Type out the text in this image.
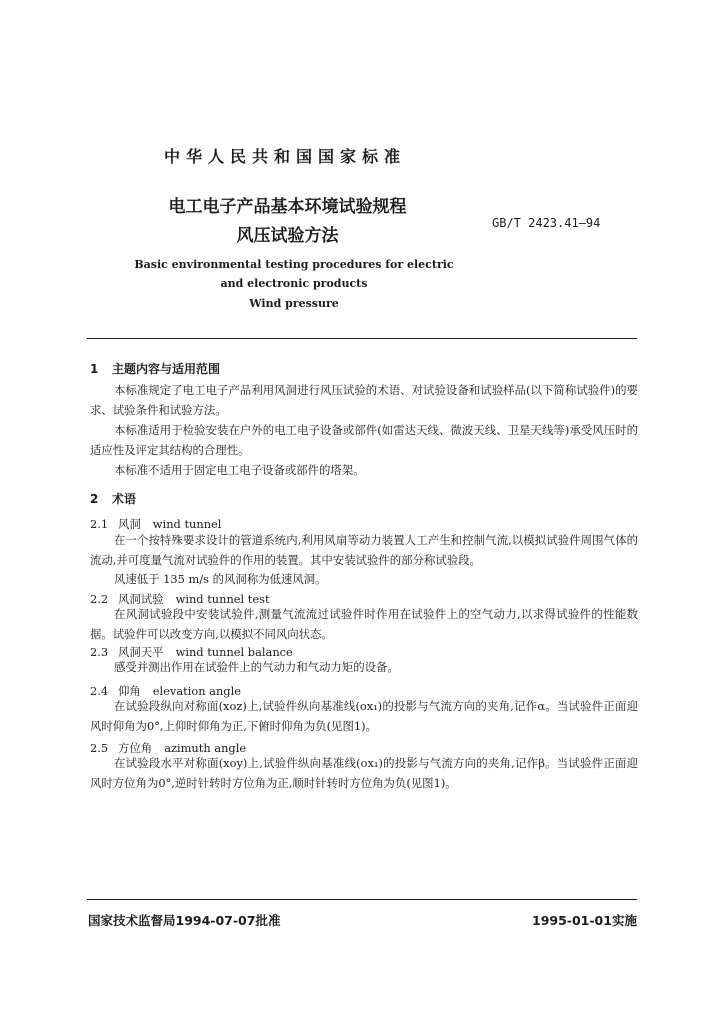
中华人民共和国国家标准
电工电子产品基本环境试验规程
风压试验方法
GB/T 2423.41—94
Basic environmental testing procedures for electric
and electronic products
Wind pressure
1 主题内容与适用范围
本标准规定了电工电子产品利用风洞进行风压试验的术语、对试验设备和试验样品(以下简称试验件)的要求、试验条件和试验方法。
本标准适用于检验安装在户外的电工电子设备或部件(如雷达天线、微波天线、卫星天线等)承受风压时的适应性及评定其结构的合理性。
本标准不适用于固定电工电子设备或部件的塔架。
2 术语
2.1 风洞 wind tunnel
在一个按特殊要求设计的管道系统内,利用风扇等动力装置人工产生和控制气流,以模拟试验件周围气体的流动,并可度量气流对试验件的作用的装置。其中安装试验件的部分称试验段。
风速低于 135 m/s 的风洞称为低速风洞。
2.2 风洞试验 wind tunnel test
在风洞试验段中安装试验件,测量气流流过试验件时作用在试验件上的空气动力,以求得试验件的性能数据。试验件可以改变方向,以模拟不同风向状态。
2.3 风洞天平 wind tunnel balance
感受并测出作用在试验件上的气动力和气动力矩的设备。
2.4 仰角 elevation angle
在试验段纵向对称面(xoz)上,试验件纵向基准线(ox₁)的投影与气流方向的夹角,记作α。当试验件正面迎风时仰角为0°,上仰时仰角为正,下俯时仰角为负(见图1)。
2.5 方位角 azimuth angle
在试验段水平对称面(xoy)上,试验件纵向基准线(ox₁)的投影与气流方向的夹角,记作β。当试验件正面迎风时方位角为0°,逆时针转时方位角为正,顺时针转时方位角为负(见图1)。
国家技术监督局1994-07-07批准	1995-01-01实施
